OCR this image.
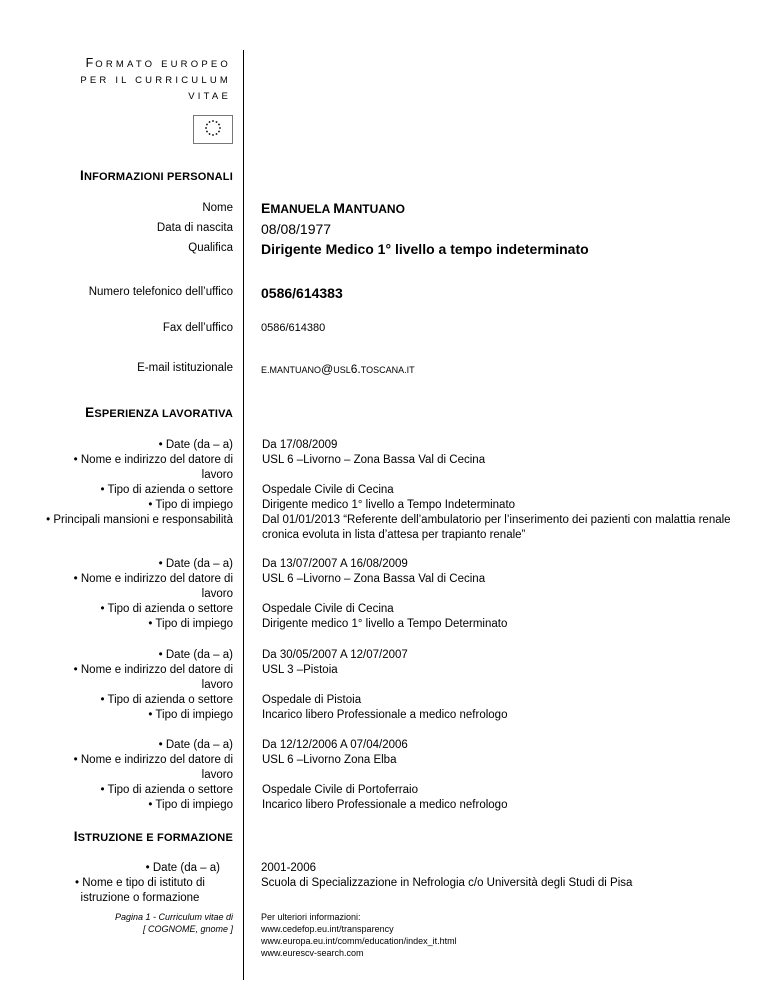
FORMATO EUROPEO
PER IL CURRICULUM
VITAE
INFORMAZIONI PERSONALI
Nome EMANUELA MANTUANO
Data di nascita 08/08/1977
Qualifica Dirigente Medico 1° livello a tempo indeterminato
Numero telefonico dell’uffico 0586/614383
Fax dell’uffico	0586/614380
E-mail istituzionale	E.MANTUANO@USL6.TOSCANA.IT
ESPERIENZA LAVORATIVA
• Date (da – a)
• Nome e indirizzo del datore di
lavoro
• Tipo di azienda o settore
• Tipo di impiego
• Principali mansioni e responsabilità
Da 17/08/2009
USL 6 –Livorno – Zona Bassa Val di Cecina

Ospedale Civile di Cecina
Dirigente medico 1° livello a Tempo Indeterminato
Dal 01/01/2013 “Referente dell’ambulatorio per l’inserimento dei pazienti con malattia renale
cronica evoluta in lista d’attesa per trapianto renale”
• Date (da – a)
• Nome e indirizzo del datore di
lavoro
• Tipo di azienda o settore
• Tipo di impiego
Da 13/07/2007 A 16/08/2009
USL 6 –Livorno – Zona Bassa Val di Cecina

Ospedale Civile di Cecina
Dirigente medico 1° livello a Tempo Determinato
• Date (da – a)
• Nome e indirizzo del datore di
lavoro
• Tipo di azienda o settore
• Tipo di impiego
Da 30/05/2007 A 12/07/2007
USL 3 –Pistoia

Ospedale di Pistoia
Incarico libero Professionale a medico nefrologo
• Date (da – a)
• Nome e indirizzo del datore di
lavoro
• Tipo di azienda o settore
• Tipo di impiego
Da 12/12/2006 A 07/04/2006
USL 6 –Livorno Zona Elba

Ospedale Civile di Portoferraio
Incarico libero Professionale a medico nefrologo
ISTRUZIONE E FORMAZIONE
• Date (da – a)
• Nome e tipo di istituto di
istruzione o formazione
2001-2006
Scuola di Specializzazione in Nefrologia c/o Università degli Studi di Pisa
Pagina 1 - Curriculum vitae di
[ COGNOME, gnome ]
Per ulteriori informazioni:
www.cedefop.eu.int/transparency
www.europa.eu.int/comm/education/index_it.html
www.eurescv-search.com
